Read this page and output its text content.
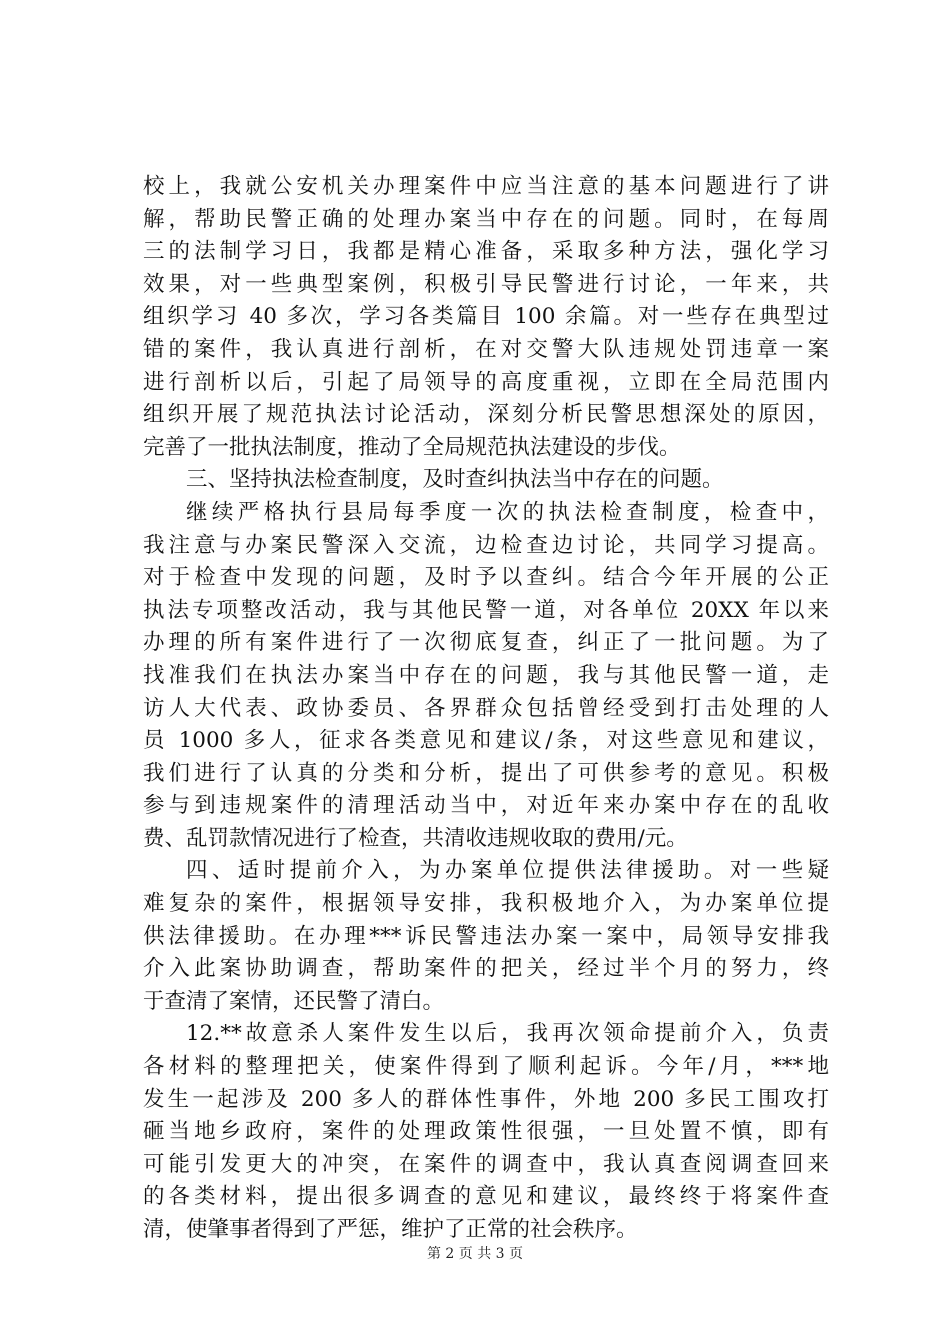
校上，我就公安机关办理案件中应当注意的基本问题进行了讲
解，帮助民警正确的处理办案当中存在的问题。同时，在每周
三的法制学习日，我都是精心准备，采取多种方法，强化学习
效果，对一些典型案例，积极引导民警进行讨论，一年来，共
组织学习 40 多次，学习各类篇目 100 余篇。对一些存在典型过
错的案件，我认真进行剖析，在对交警大队违规处罚违章一案
进行剖析以后，引起了局领导的高度重视，立即在全局范围内
组织开展了规范执法讨论活动，深刻分析民警思想深处的原因，
完善了一批执法制度，推动了全局规范执法建设的步伐。
三、坚持执法检查制度，及时查纠执法当中存在的问题。
继续严格执行县局每季度一次的执法检查制度，检查中，
我注意与办案民警深入交流，边检查边讨论，共同学习提高。
对于检查中发现的问题，及时予以查纠。结合今年开展的公正
执法专项整改活动，我与其他民警一道，对各单位 20XX 年以来
办理的所有案件进行了一次彻底复查，纠正了一批问题。为了
找准我们在执法办案当中存在的问题，我与其他民警一道，走
访人大代表、政协委员、各界群众包括曾经受到打击处理的人
员 1000 多人，征求各类意见和建议/条，对这些意见和建议，
我们进行了认真的分类和分析，提出了可供参考的意见。积极
参与到违规案件的清理活动当中，对近年来办案中存在的乱收
费、乱罚款情况进行了检查，共清收违规收取的费用/元。
四、适时提前介入，为办案单位提供法律援助。对一些疑
难复杂的案件，根据领导安排，我积极地介入，为办案单位提
供法律援助。在办理***诉民警违法办案一案中，局领导安排我
介入此案协助调查，帮助案件的把关，经过半个月的努力，终
于查清了案情，还民警了清白。
12.**故意杀人案件发生以后，我再次领命提前介入，负责
各材料的整理把关，使案件得到了顺利起诉。今年/月，***地
发生一起涉及 200 多人的群体性事件，外地 200 多民工围攻打
砸当地乡政府，案件的处理政策性很强，一旦处置不慎，即有
可能引发更大的冲突，在案件的调查中，我认真查阅调查回来
的各类材料，提出很多调查的意见和建议，最终终于将案件查
清，使肇事者得到了严惩，维护了正常的社会秩序。
第 2 页 共 3 页
